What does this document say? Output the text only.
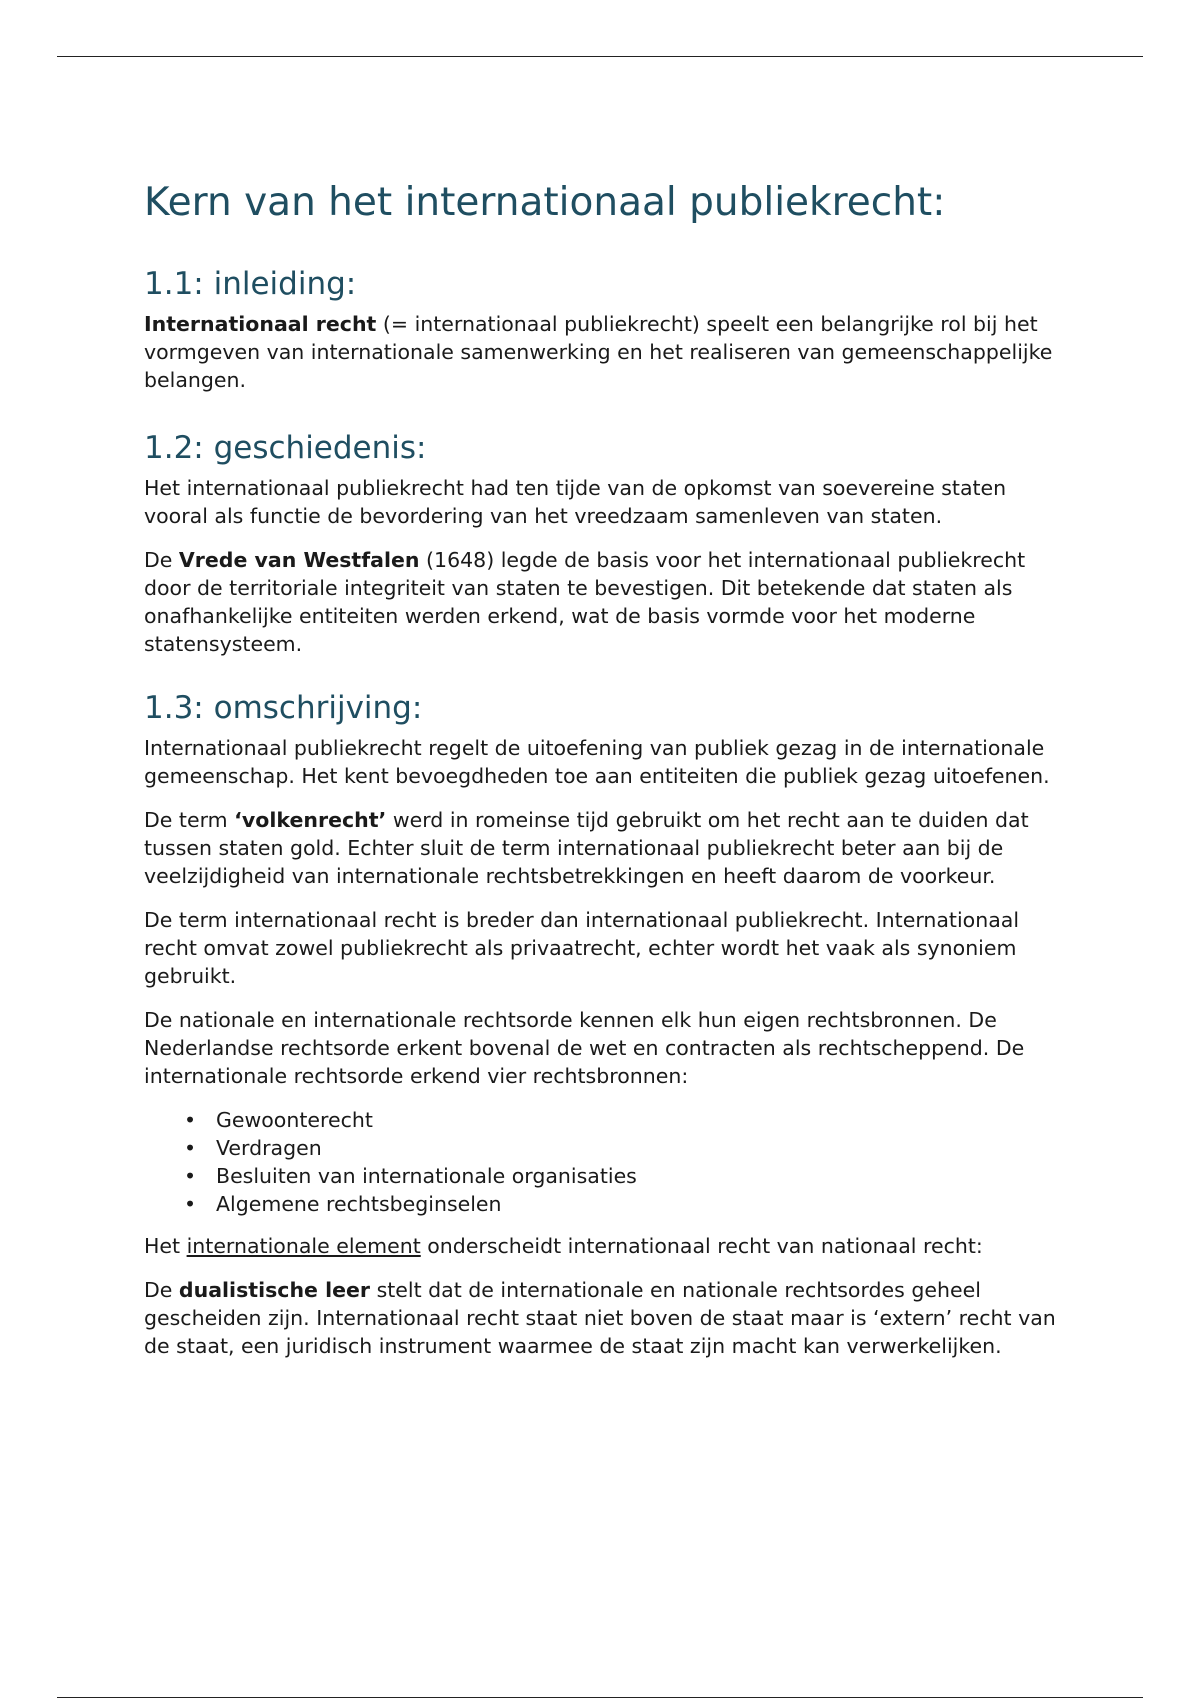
Kern van het internationaal publiekrecht:
1.1: inleiding:

Internationaal recht (= internationaal publiekrecht) speelt een belangrijke rol bij het vormgeven van internationale samenwerking en het realiseren van gemeenschappelijke belangen.

1.2: geschiedenis:

Het internationaal publiekrecht had ten tijde van de opkomst van soevereine staten vooral als functie de bevordering van het vreedzaam samenleven van staten.

De Vrede van Westfalen (1648) legde de basis voor het internationaal publiekrecht door de territoriale integriteit van staten te bevestigen. Dit betekende dat staten als onafhankelijke entiteiten werden erkend, wat de basis vormde voor het moderne statensysteem.

1.3: omschrijving:

Internationaal publiekrecht regelt de uitoefening van publiek gezag in de internationale gemeenschap. Het kent bevoegdheden toe aan entiteiten die publiek gezag uitoefenen.

De term ‘volkenrecht’ werd in romeinse tijd gebruikt om het recht aan te duiden dat tussen staten gold. Echter sluit de term internationaal publiekrecht beter aan bij de veelzijdigheid van internationale rechtsbetrekkingen en heeft daarom de voorkeur.

De term internationaal recht is breder dan internationaal publiekrecht. Internationaal recht omvat zowel publiekrecht als privaatrecht, echter wordt het vaak als synoniem gebruikt.

De nationale en internationale rechtsorde kennen elk hun eigen rechtsbronnen. De Nederlandse rechtsorde erkent bovenal de wet en contracten als rechtscheppend. De internationale rechtsorde erkend vier rechtsbronnen:

• Gewoonterecht
• Verdragen
• Besluiten van internationale organisaties
• Algemene rechtsbeginselen

Het internationale element onderscheidt internationaal recht van nationaal recht:

De dualistische leer stelt dat de internationale en nationale rechtsordes geheel gescheiden zijn. Internationaal recht staat niet boven de staat maar is ‘extern’ recht van de staat, een juridisch instrument waarmee de staat zijn macht kan verwerkelijken.
